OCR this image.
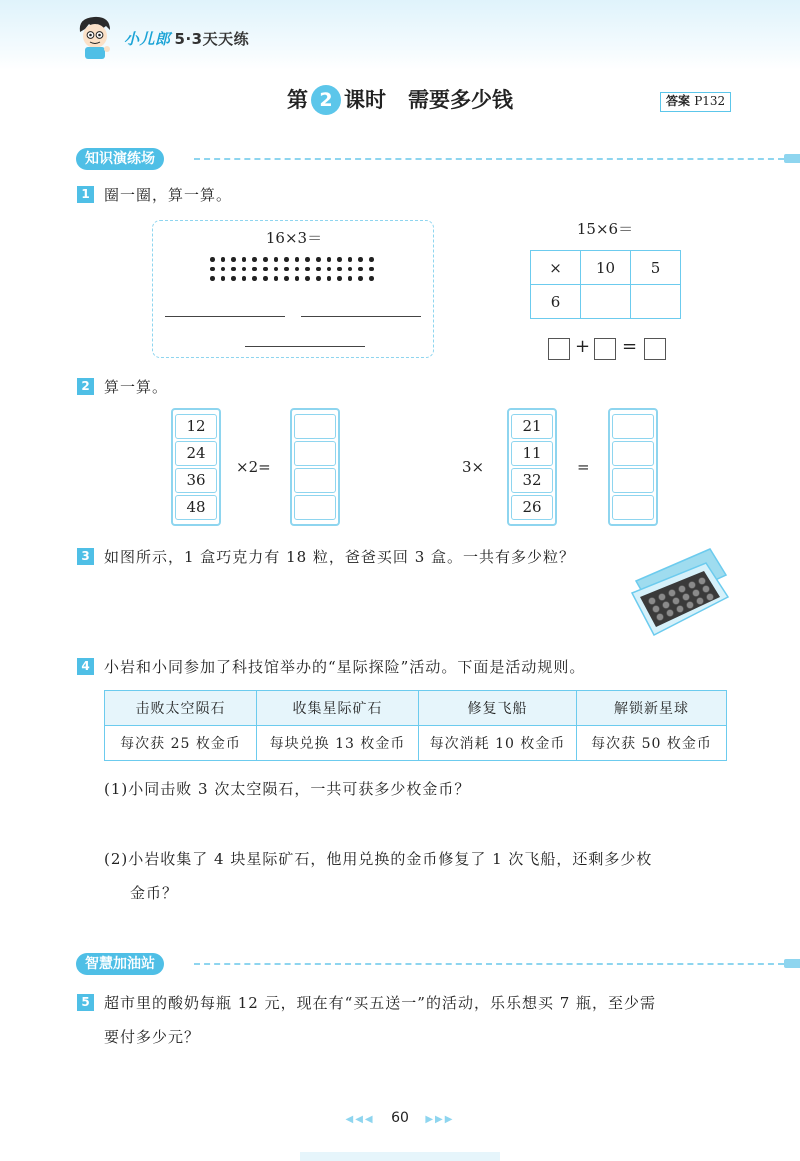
小儿郎 5·3天天练
第 2 课时 需要多少钱	答案 P132
知识演练场
1 圈一圈，算一算。
16×3＝	15×6＝
×	10	5
6		
+ =
2 算一算。
12
24
36
48
×2=	3×
21
11
32
26
=
3 如图所示，1 盒巧克力有 18 粒，爸爸买回 3 盒。一共有多少粒？
4 小岩和小同参加了科技馆举办的“星际探险”活动。下面是活动规则。
击败太空陨石	收集星际矿石	修复飞船	解锁新星球
每次获 25 枚金币	每块兑换 13 枚金币	每次消耗 10 枚金币	每次获 50 枚金币
(1)小同击败 3 次太空陨石，一共可获多少枚金币？
(2)小岩收集了 4 块星际矿石，他用兑换的金币修复了 1 次飞船，还剩多少枚
金币？
智慧加油站
5 超市里的酸奶每瓶 12 元，现在有“买五送一”的活动，乐乐想买 7 瓶，至少需
要付多少元？
◀◀◀ 60 ▶▶▶
